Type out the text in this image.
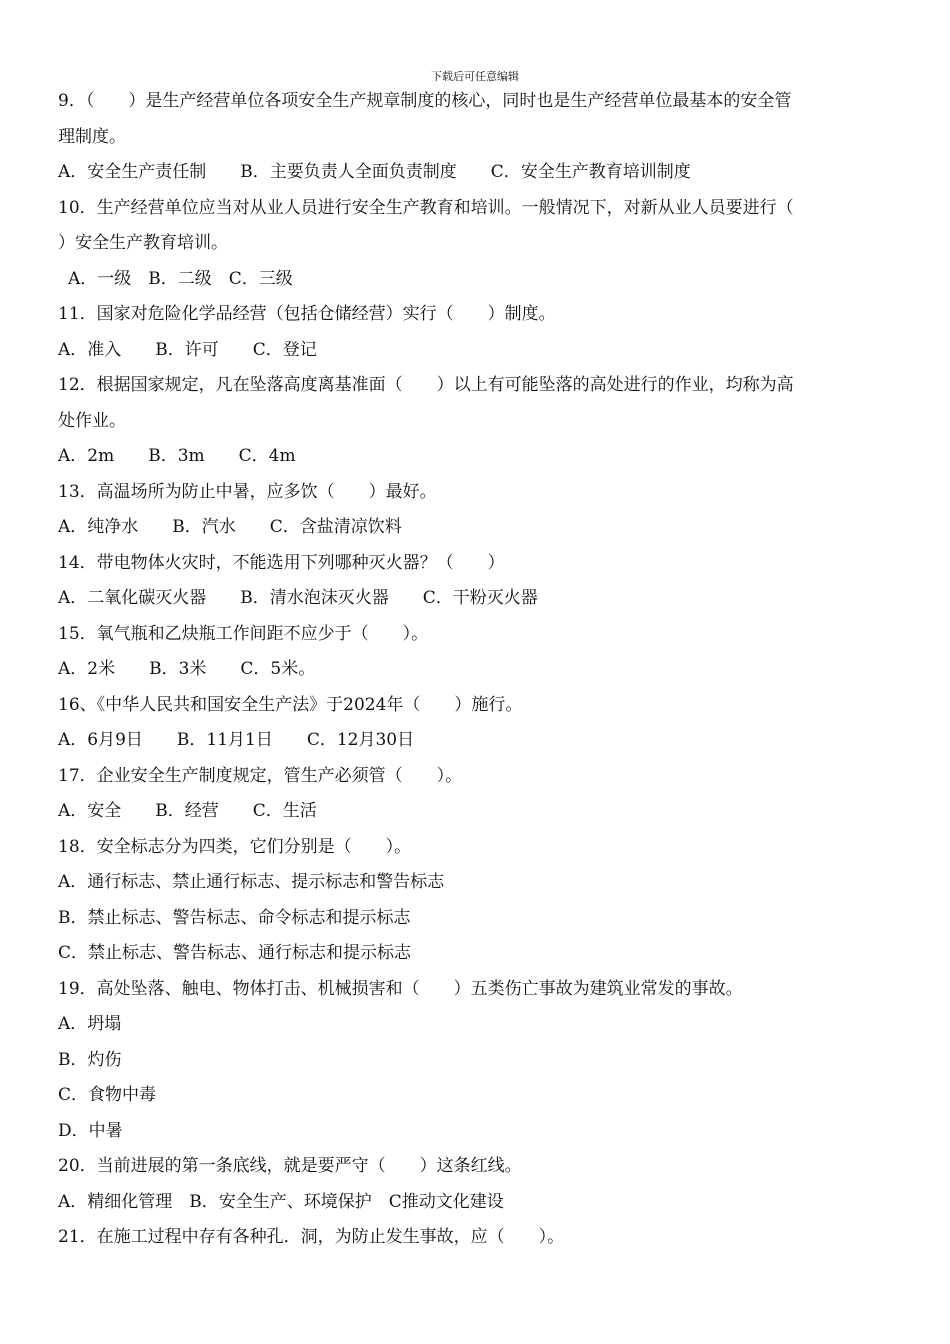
下载后可任意编辑
9．（　　）是生产经营单位各项安全生产规章制度的核心，同时也是生产经营单位最基本的安全管
理制度。
A．安全生产责任制　　B．主要负责人全面负责制度　　C．安全生产教育培训制度
10．生产经营单位应当对从业人员进行安全生产教育和培训。一般情况下，对新从业人员要进行（
）安全生产教育培训。
A．一级　B．二级　C．三级
11．国家对危险化学品经营（包括仓储经营）实行（　　）制度。
A．准入　　B．许可　　C．登记
12．根据国家规定，凡在坠落高度离基准面（　　）以上有可能坠落的高处进行的作业，均称为高
处作业。
A．2m　　B．3m　　C．4m
13．高温场所为防止中暑，应多饮（　　）最好。
A．纯净水　　B．汽水　　C．含盐清凉饮料
14．带电物体火灾时，不能选用下列哪种灭火器？（　　）
A．二氧化碳灭火器　　B．清水泡沫灭火器　　C．干粉灭火器
15．氧气瓶和乙炔瓶工作间距不应少于（　　）。
A．2米　　B．3米　　C．5米。
16、《中华人民共和国安全生产法》于2024年（　　）施行。
A．6月9日　　B．11月1日　　C．12月30日
17．企业安全生产制度规定，管生产必须管（　　）。
A．安全　　B．经营　　C．生活
18．安全标志分为四类，它们分别是（　　）。
A．通行标志、禁止通行标志、提示标志和警告标志
B．禁止标志、警告标志、命令标志和提示标志
C．禁止标志、警告标志、通行标志和提示标志
19．高处坠落、触电、物体打击、机械损害和（　　）五类伤亡事故为建筑业常发的事故。
A．坍塌
B．灼伤
C．食物中毒
D．中暑
20．当前进展的第一条底线，就是要严守（　　）这条红线。
A．精细化管理　B．安全生产、环境保护　C推动文化建设
21．在施工过程中存有各种孔．洞，为防止发生事故，应（　　）。
